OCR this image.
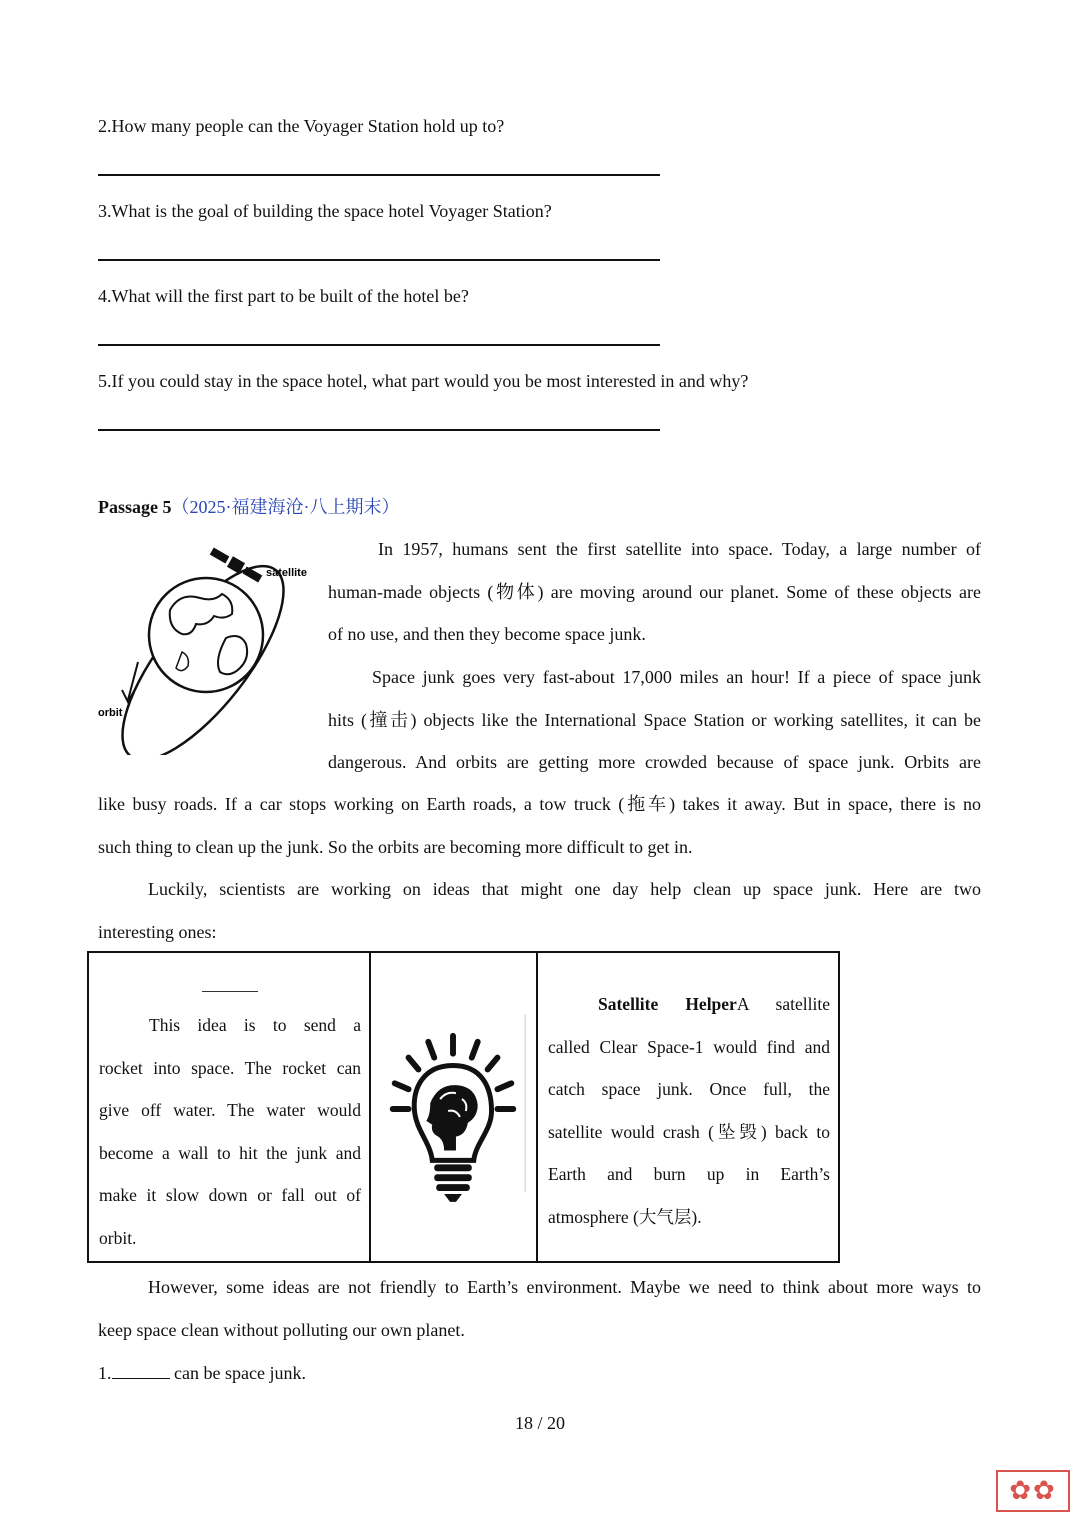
2.How many people can the Voyager Station hold up to?
3.What is the goal of building the space hotel Voyager Station?
4.What will the first part to be built of the hotel be?
5.If you could stay in the space hotel, what part would you be most interested in and why?
Passage 5（2025·福建海沧·八上期末）
satellite
orbit
In 1957, humans sent the first satellite into space. Today, a large number of
human-made objects (物体) are moving around our planet. Some of these objects are
of no use, and then they become space junk.
Space junk goes very fast-about 17,000 miles an hour! If a piece of space junk
hits (撞击) objects like the International Space Station or working satellites, it can be
dangerous. And orbits are getting more crowded because of space junk. Orbits are
like busy roads. If a car stops working on Earth roads, a tow truck (拖车) takes it away. But in space, there is no
such thing to clean up the junk. So the orbits are becoming more difficult to get in.
Luckily, scientists are working on ideas that might one day help clean up space junk. Here are two
interesting ones:
This idea is to send a
rocket into space. The rocket can
give off water. The water would
become a wall to hit the junk and
make it slow down or fall out of
orbit.
Satellite HelperA satellite
called Clear Space-1 would find and
catch space junk. Once full, the
satellite would crash (坠毁) back to
Earth and burn up in Earth’s
atmosphere (大气层).
However, some ideas are not friendly to Earth’s environment. Maybe we need to think about more ways to
keep space clean without polluting our own planet.
1.	can be space junk.
18 / 20
✿✿
